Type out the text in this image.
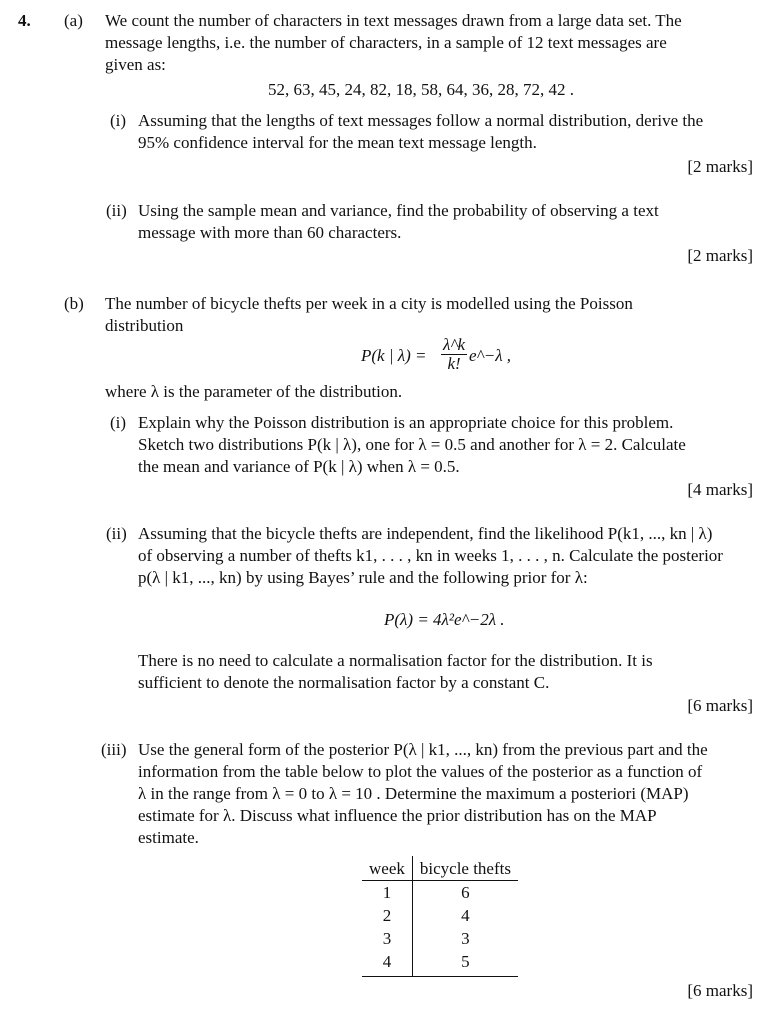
4. (a) We count the number of characters in text messages drawn from a large data set. The
message lengths, i.e. the number of characters, in a sample of 12 text messages are
given as:
52, 63, 45, 24, 82, 18, 58, 64, 36, 28, 72, 42 .
(i) Assuming that the lengths of text messages follow a normal distribution, derive the
95% confidence interval for the mean text message length.
[2 marks]
(ii) Using the sample mean and variance, find the probability of observing a text
message with more than 60 characters.
[2 marks]
(b) The number of bicycle thefts per week in a city is modelled using the Poisson
distribution
P(k | $\lambda) = \frac{\lambda\^{}k}{k!}$ e^−λ ,
where λ is the parameter of the distribution.
(i) Explain why the Poisson distribution is an appropriate choice for this problem.
Sketch two distributions P(k | λ), one for λ = 0.5 and another for λ = 2. Calculate
the mean and variance of P(k | λ) when λ = 0.5.
[4 marks]
(ii) Assuming that the bicycle thefts are independent, find the likelihood P(k1, ..., kn | λ)
of observing a number of thefts k1, . . . , kn in weeks 1, . . . , n. Calculate the posterior
p(λ | k1, ..., kn) by using Bayes’ rule and the following prior for λ:
P(λ) = 4λ²e^−2λ .
There is no need to calculate a normalisation factor for the distribution. It is
sufficient to denote the normalisation factor by a constant C.
[6 marks]
(iii) Use the general form of the posterior P(λ | k1, ..., kn) from the previous part and the
information from the table below to plot the values of the posterior as a function of
λ in the range from λ = 0 to λ = 10 . Determine the maximum a posteriori (MAP)
estimate for λ. Discuss what influence the prior distribution has on the MAP
estimate.
week	bicycle thefts
1	6
2	4
3	3
4	5
[6 marks]
